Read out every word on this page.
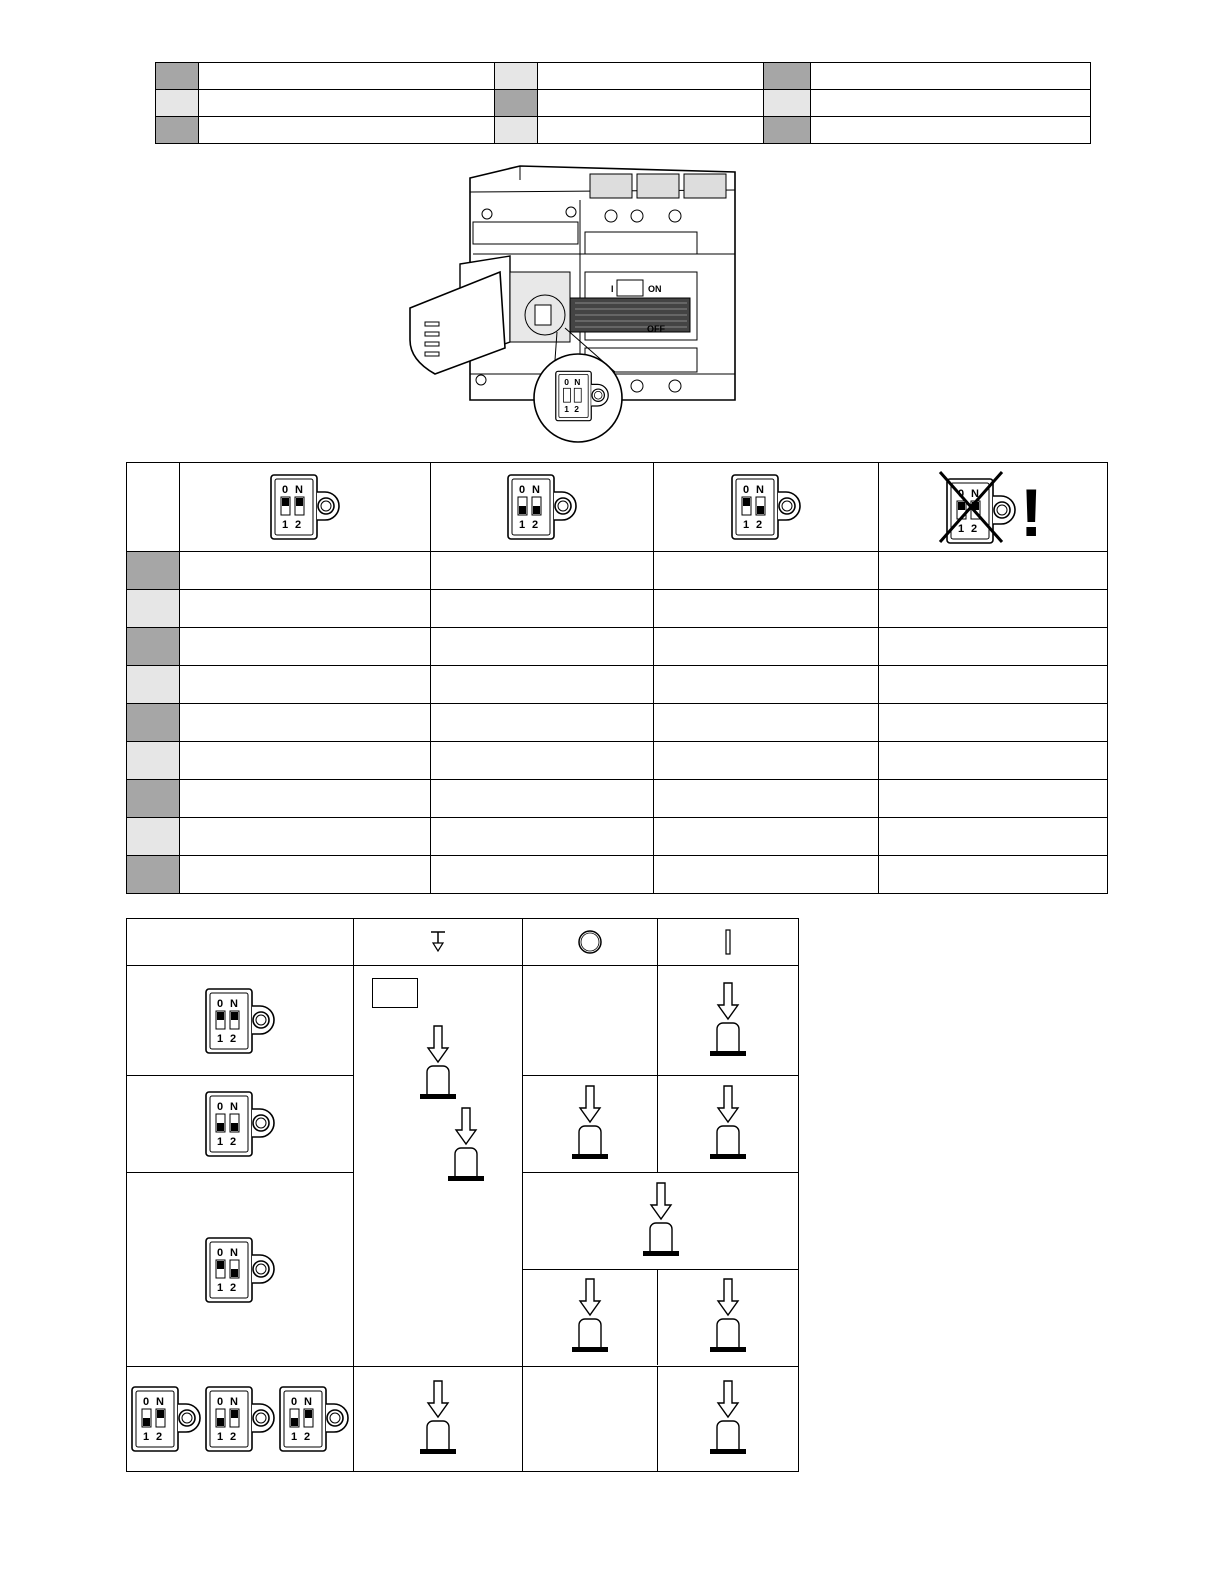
ON
I
OFF

!
